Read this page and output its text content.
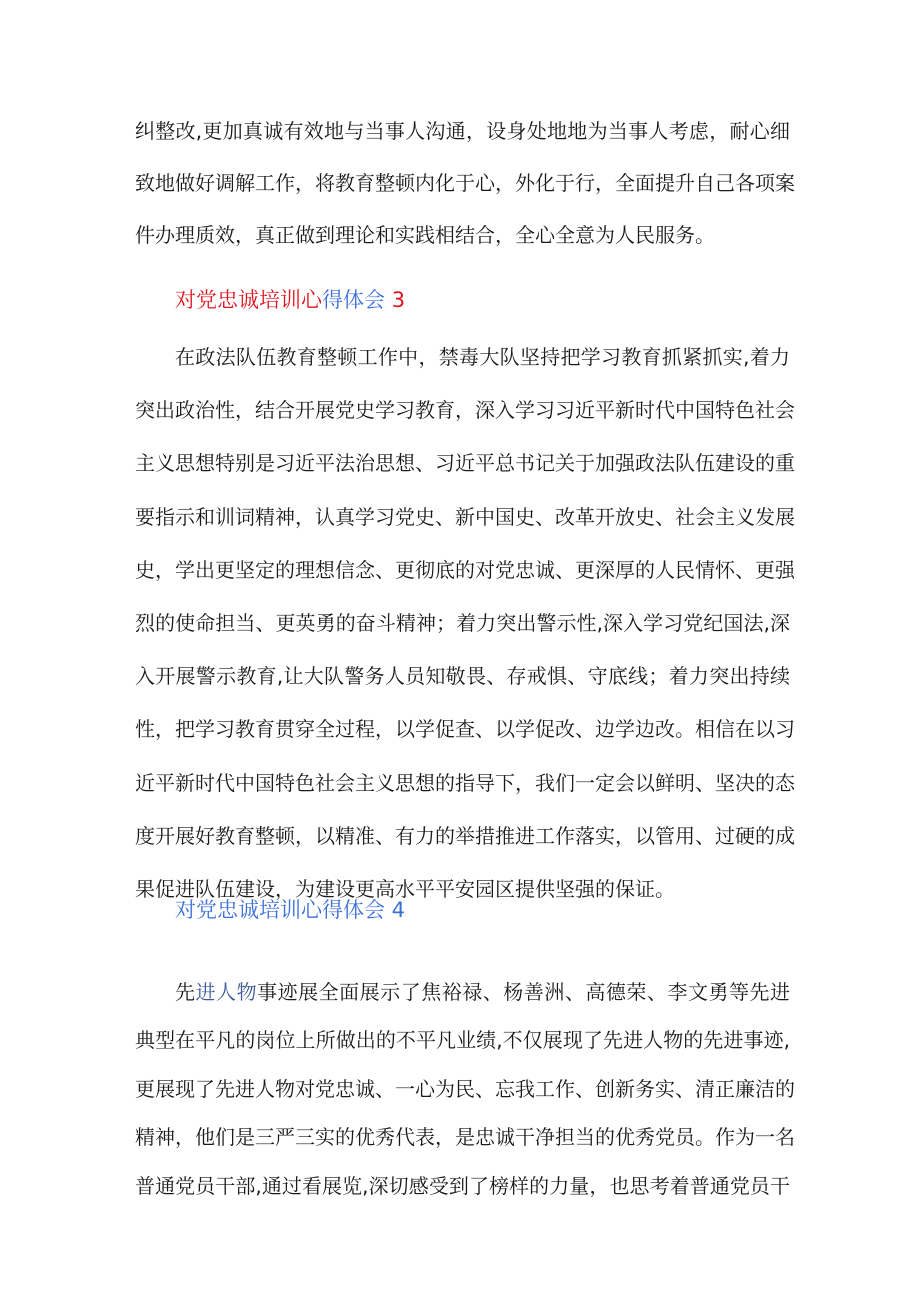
纠整改,更加真诚有效地与当事人沟通，设身处地地为当事人考虑，耐心细
致地做好调解工作，将教育整顿内化于心，外化于行，全面提升自己各项案
件办理质效，真正做到理论和实践相结合，全心全意为人民服务。
对党忠诚培训心得体会 3
在政法队伍教育整顿工作中，禁毒大队坚持把学习教育抓紧抓实,着力
突出政治性，结合开展党史学习教育，深入学习习近平新时代中国特色社会
主义思想特别是习近平法治思想、习近平总书记关于加强政法队伍建设的重
要指示和训词精神，认真学习党史、新中国史、改革开放史、社会主义发展
史，学出更坚定的理想信念、更彻底的对党忠诚、更深厚的人民情怀、更强
烈的使命担当、更英勇的奋斗精神；着力突出警示性,深入学习党纪国法,深
入开展警示教育,让大队警务人员知敬畏、存戒惧、守底线；着力突出持续
性，把学习教育贯穿全过程，以学促查、以学促改、边学边改。相信在以习
近平新时代中国特色社会主义思想的指导下，我们一定会以鲜明、坚决的态
度开展好教育整顿，以精准、有力的举措推进工作落实，以管用、过硬的成
果促进队伍建设，为建设更高水平平安园区提供坚强的保证。
对党忠诚培训心得体会 4
先进人物事迹展全面展示了焦裕禄、杨善洲、高德荣、李文勇等先进
典型在平凡的岗位上所做出的不平凡业绩,不仅展现了先进人物的先进事迹,
更展现了先进人物对党忠诚、一心为民、忘我工作、创新务实、清正廉洁的
精神，他们是三严三实的优秀代表，是忠诚干净担当的优秀党员。作为一名
普通党员干部,通过看展览,深切感受到了榜样的力量，也思考着普通党员干
